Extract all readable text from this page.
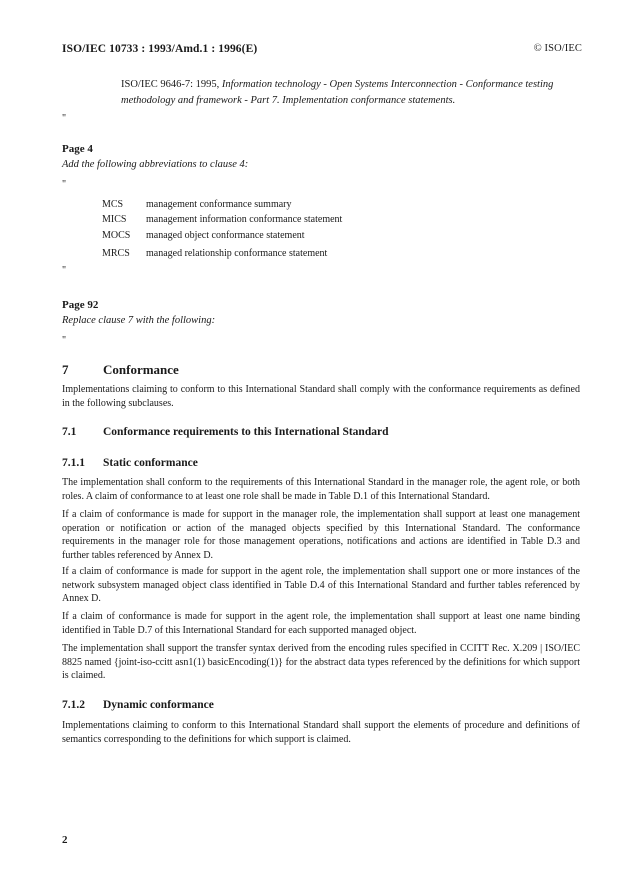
ISO/IEC 10733 : 1993/Amd.1 : 1996(E)	© ISO/IEC
ISO/IEC 9646-7: 1995, Information technology - Open Systems Interconnection - Conformance testing methodology and framework - Part 7. Implementation conformance statements.
"
Page 4
Add the following abbreviations to clause 4:
"
MCS	management conformance summary
MICS	management information conformance statement
MOCS	managed object conformance statement
MRCS	managed relationship conformance statement
"
Page 92
Replace clause 7 with the following:
"
7	Conformance
Implementations claiming to conform to this International Standard shall comply with the conformance requirements as defined in the following subclauses.
7.1 Conformance requirements to this International Standard
7.1.1 Static conformance
The implementation shall conform to the requirements of this International Standard in the manager role, the agent role, or both roles. A claim of conformance to at least one role shall be made in Table D.1 of this International Standard.
If a claim of conformance is made for support in the manager role, the implementation shall support at least one management operation or notification or action of the managed objects specified by this International Standard. The conformance requirements in the manager role for those management operations, notifications and actions are identified in Table D.3 and further tables referenced by Annex D.
If a claim of conformance is made for support in the agent role, the implementation shall support one or more instances of the network subsystem managed object class identified in Table D.4 of this International Standard and further tables referenced by Annex D.
If a claim of conformance is made for support in the agent role, the implementation shall support at least one name binding identified in Table D.7 of this International Standard for each supported managed object.
The implementation shall support the transfer syntax derived from the encoding rules specified in CCITT Rec. X.209 | ISO/IEC 8825 named {joint-iso-ccitt asn1(1) basicEncoding(1)} for the abstract data types referenced by the definitions for which support is claimed.
7.1.2 Dynamic conformance
Implementations claiming to conform to this International Standard shall support the elements of procedure and definitions of semantics corresponding to the definitions for which support is claimed.
2
